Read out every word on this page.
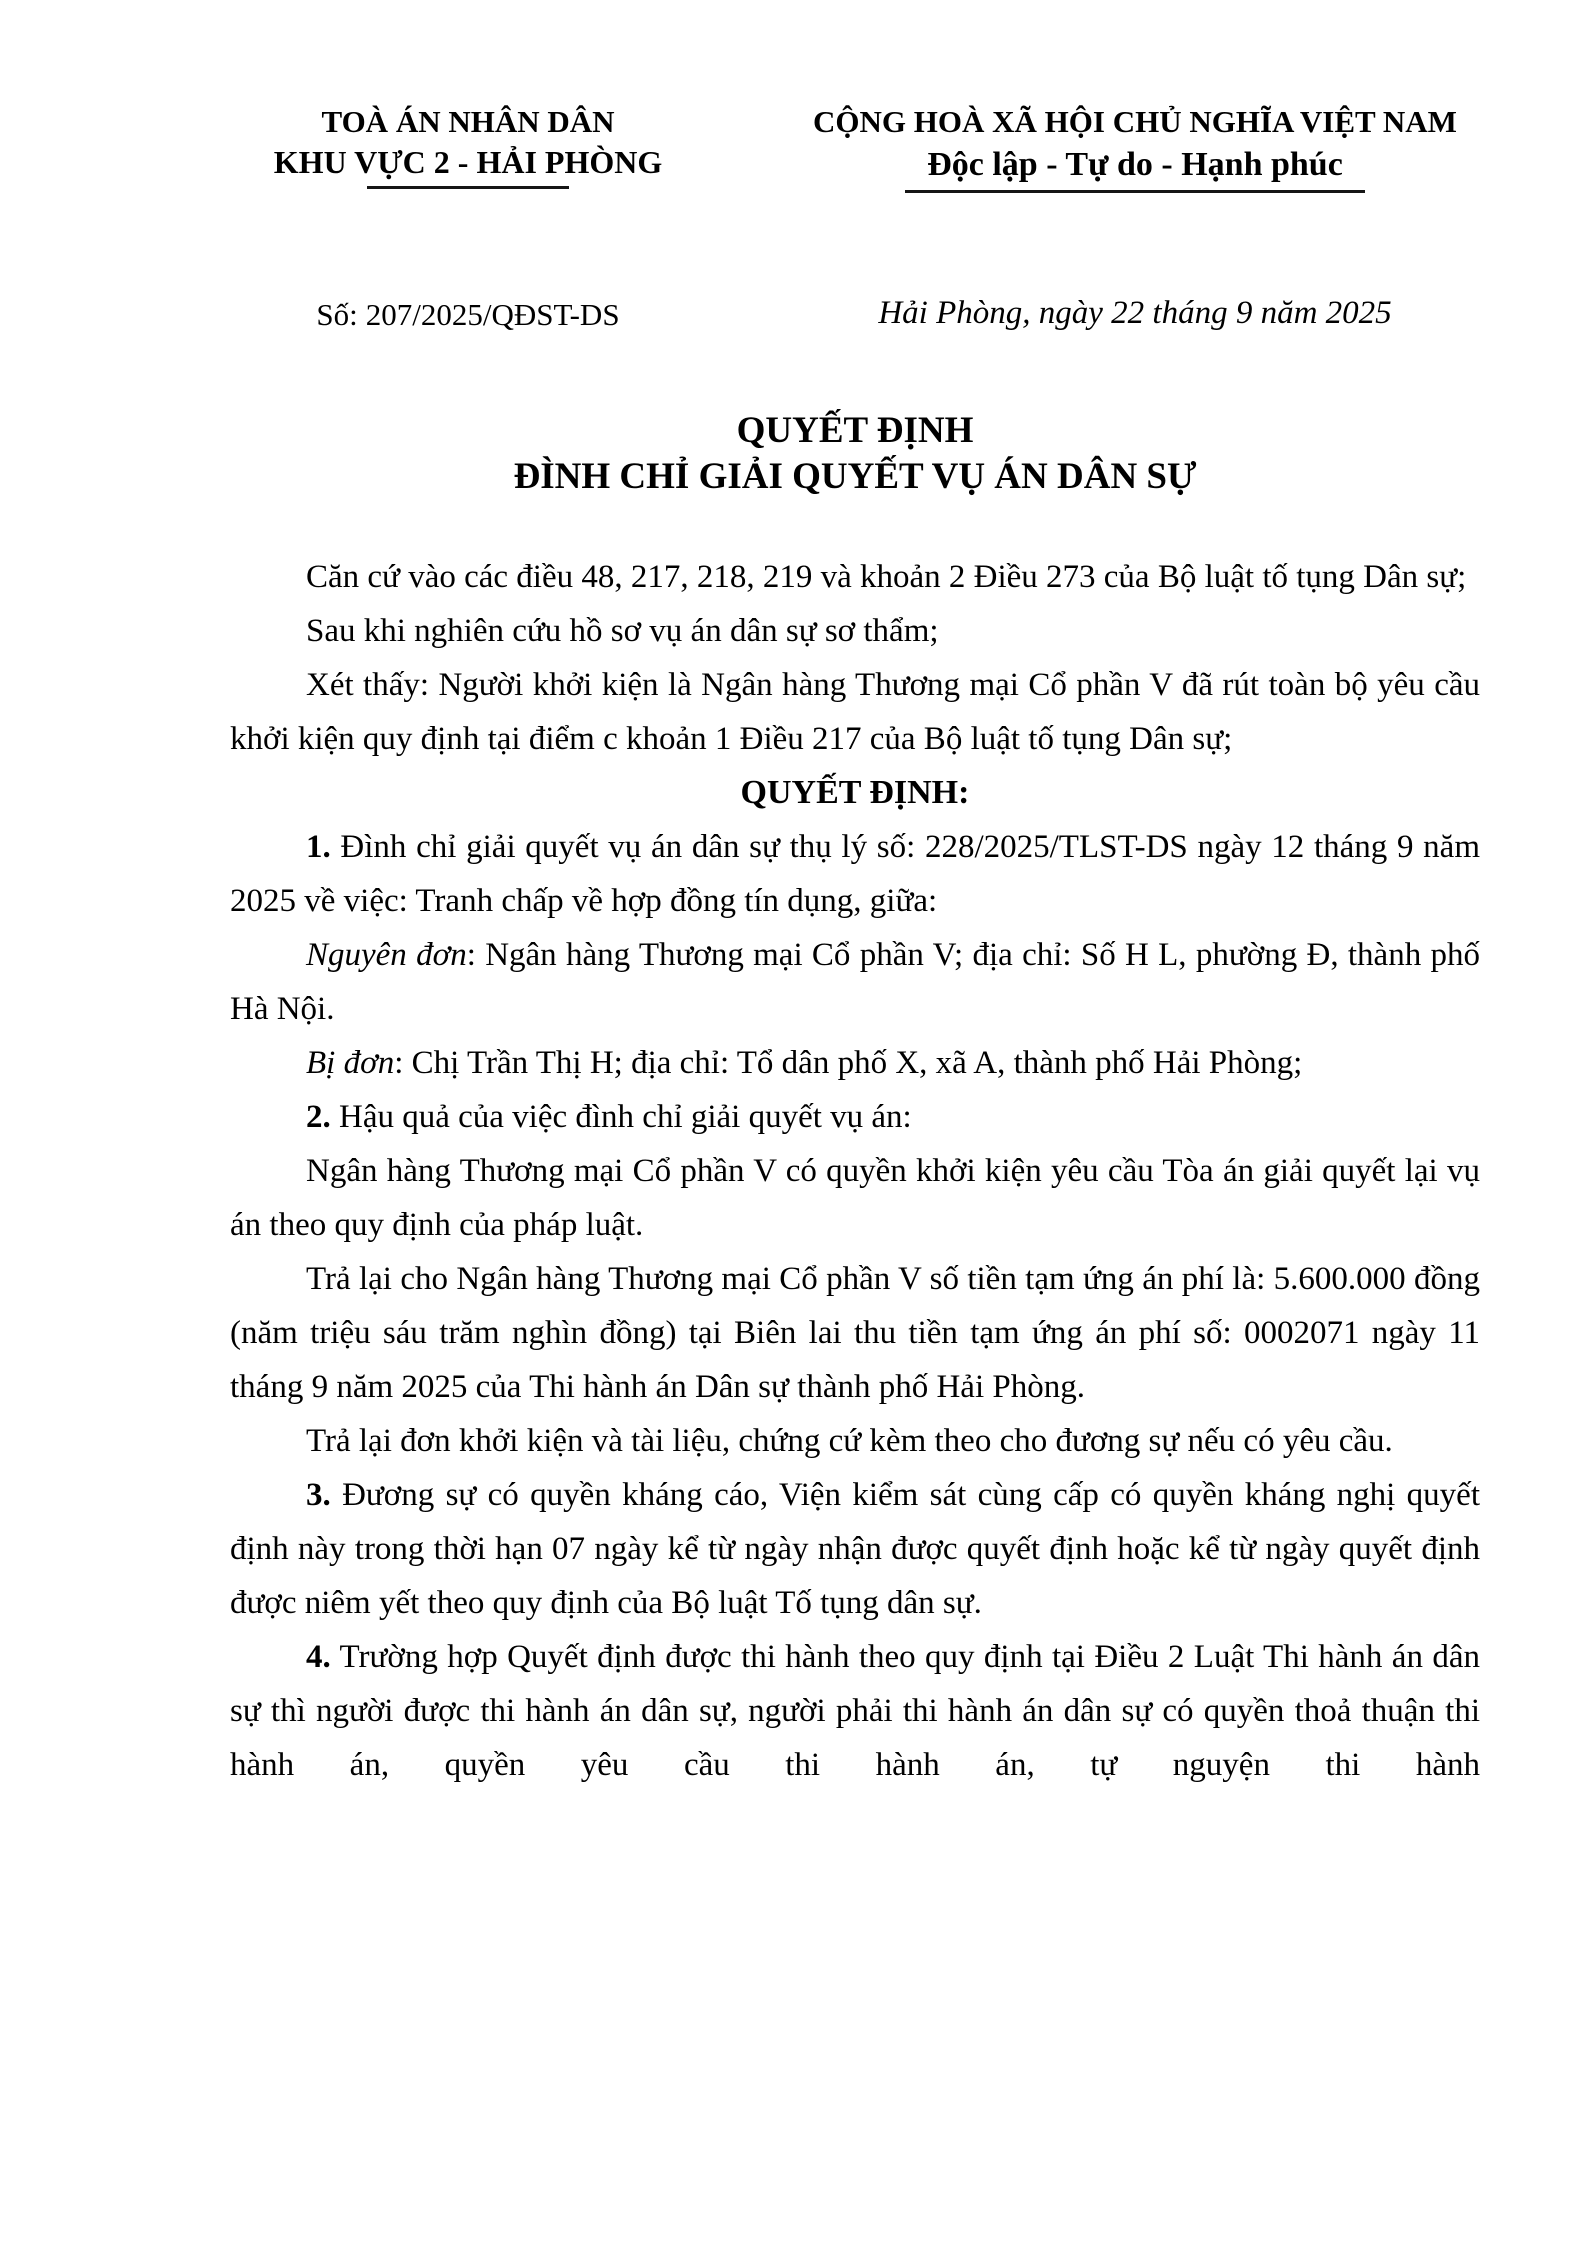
TOÀ ÁN NHÂN DÂN
KHU VỰC 2 - HẢI PHÒNG
Số: 207/2025/QĐST-DS
CỘNG HOÀ XÃ HỘI CHỦ NGHĨA VIỆT NAM
Độc lập - Tự do - Hạnh phúc
Hải Phòng, ngày 22 tháng 9 năm 2025
QUYẾT ĐỊNH
ĐÌNH CHỈ GIẢI QUYẾT VỤ ÁN DÂN SỰ

Căn cứ vào các điều 48, 217, 218, 219 và khoản 2 Điều 273 của Bộ luật tố tụng Dân sự;

Sau khi nghiên cứu hồ sơ vụ án dân sự sơ thẩm;

Xét thấy: Người khởi kiện là Ngân hàng Thương mại Cổ phần V đã rút toàn bộ yêu cầu khởi kiện quy định tại điểm c khoản 1 Điều 217 của Bộ luật tố tụng Dân sự;

QUYẾT ĐỊNH:

1. Đình chỉ giải quyết vụ án dân sự thụ lý số: 228/2025/TLST-DS ngày 12 tháng 9 năm 2025 về việc: Tranh chấp về hợp đồng tín dụng, giữa:

Nguyên đơn: Ngân hàng Thương mại Cổ phần V; địa chỉ: Số H L, phường Đ, thành phố Hà Nội.

Bị đơn: Chị Trần Thị H; địa chỉ: Tổ dân phố X, xã A, thành phố Hải Phòng;

2. Hậu quả của việc đình chỉ giải quyết vụ án:

Ngân hàng Thương mại Cổ phần V có quyền khởi kiện yêu cầu Tòa án giải quyết lại vụ án theo quy định của pháp luật.

Trả lại cho Ngân hàng Thương mại Cổ phần V số tiền tạm ứng án phí là: 5.600.000 đồng (năm triệu sáu trăm nghìn đồng) tại Biên lai thu tiền tạm ứng án phí số: 0002071 ngày 11 tháng 9 năm 2025 của Thi hành án Dân sự thành phố Hải Phòng.

Trả lại đơn khởi kiện và tài liệu, chứng cứ kèm theo cho đương sự nếu có yêu cầu.

3. Đương sự có quyền kháng cáo, Viện kiểm sát cùng cấp có quyền kháng nghị quyết định này trong thời hạn 07 ngày kể từ ngày nhận được quyết định hoặc kể từ ngày quyết định được niêm yết theo quy định của Bộ luật Tố tụng dân sự.

4. Trường hợp Quyết định được thi hành theo quy định tại Điều 2 Luật Thi hành án dân sự thì người được thi hành án dân sự, người phải thi hành án dân sự có quyền thoả thuận thi hành án, quyền yêu cầu thi hành án, tự nguyện thi hành
